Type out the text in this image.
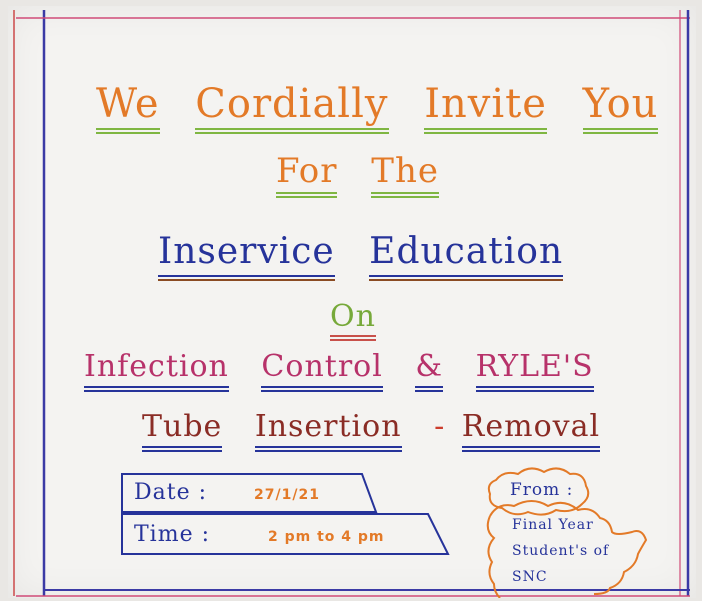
We Cordially Invite You
For The
Inservice Education
On
Infection Control & RYLE'S
Tube Insertion - Removal
Date :	27/1/21
Time :	2 pm to 4 pm
From :
Final Year
Student's of
SNC
